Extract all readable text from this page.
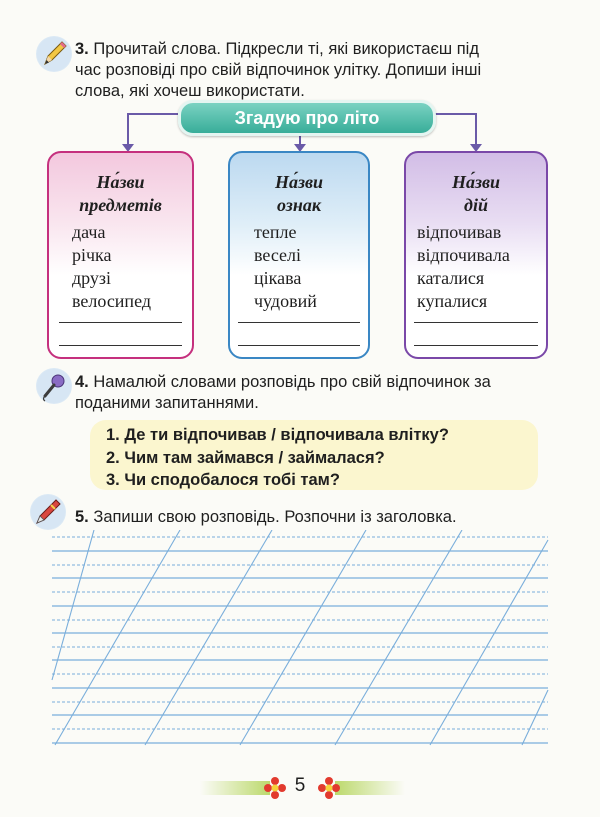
3. Прочитай слова. Підкресли ті, які використаєш під
час розповіді про свій відпочинок улітку. Допиши інші
слова, які хочеш використати.
Згадую про літо
На́зви
предметів
дача
річка
друзі
велосипед
На́зви
ознак
тепле
веселі
цікава
чудовий
На́зви
дій
відпочивав
відпочивала
каталися
купалися
4. Намалюй словами розповідь про свій відпочинок за
поданими запитаннями.
1. Де ти відпочивав / відпочивала влітку?
2. Чим там займався / займалася?
3. Чи сподобалося тобі там?
5. Запиши свою розповідь. Розпочни із заголовка.
5
